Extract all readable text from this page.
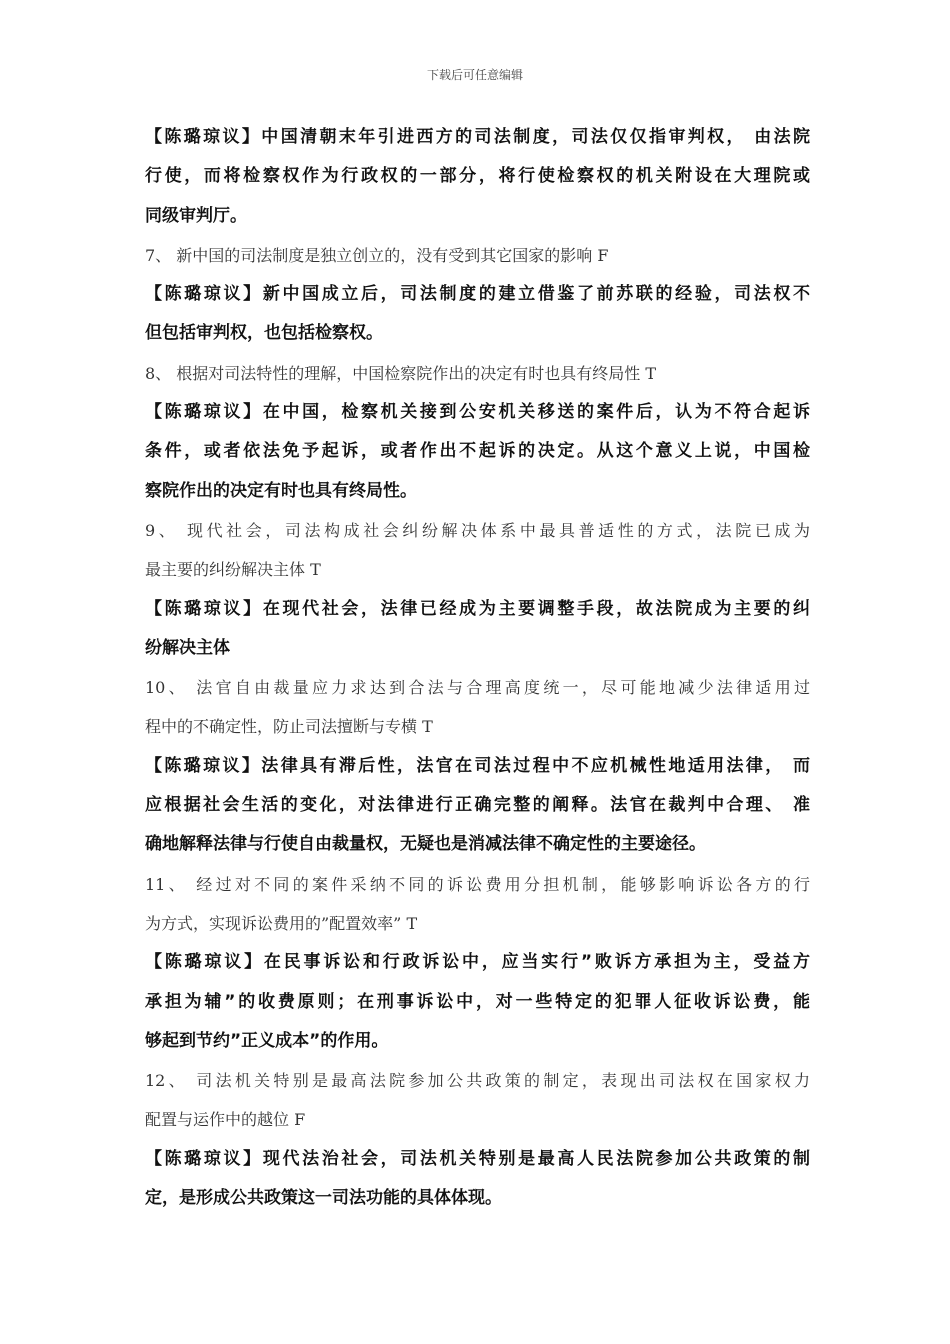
下载后可任意编辑
【陈璐琼议】中国清朝末年引进西方的司法制度，司法仅仅指审判权， 由法院
行使，而将检察权作为行政权的一部分，将行使检察权的机关附设在大理院或
同级审判厅。
7、 新中国的司法制度是独立创立的，没有受到其它国家的影响 F
【陈璐琼议】新中国成立后，司法制度的建立借鉴了前苏联的经验，司法权不
但包括审判权，也包括检察权。
8、 根据对司法特性的理解，中国检察院作出的决定有时也具有终局性 T
【陈璐琼议】在中国，检察机关接到公安机关移送的案件后，认为不符合起诉
条件，或者依法免予起诉，或者作出不起诉的决定。从这个意义上说，中国检
察院作出的决定有时也具有终局性。
9、 现代社会，司法构成社会纠纷解决体系中最具普适性的方式，法院已成为
最主要的纠纷解决主体 T
【陈璐琼议】在现代社会，法律已经成为主要调整手段，故法院成为主要的纠
纷解决主体
10、 法官自由裁量应力求达到合法与合理高度统一，尽可能地减少法律适用过
程中的不确定性，防止司法擅断与专横 T
【陈璐琼议】法律具有滞后性，法官在司法过程中不应机械性地适用法律， 而
应根据社会生活的变化，对法律进行正确完整的阐释。法官在裁判中合理、 准
确地解释法律与行使自由裁量权，无疑也是消减法律不确定性的主要途径。
11、 经过对不同的案件采纳不同的诉讼费用分担机制，能够影响诉讼各方的行
为方式，实现诉讼费用的”配置效率” T
【陈璐琼议】在民事诉讼和行政诉讼中，应当实行”败诉方承担为主，受益方
承担为辅”的收费原则；在刑事诉讼中，对一些特定的犯罪人征收诉讼费，能
够起到节约”正义成本”的作用。
12、 司法机关特别是最高法院参加公共政策的制定，表现出司法权在国家权力
配置与运作中的越位 F
【陈璐琼议】现代法治社会，司法机关特别是最高人民法院参加公共政策的制
定，是形成公共政策这一司法功能的具体体现。
